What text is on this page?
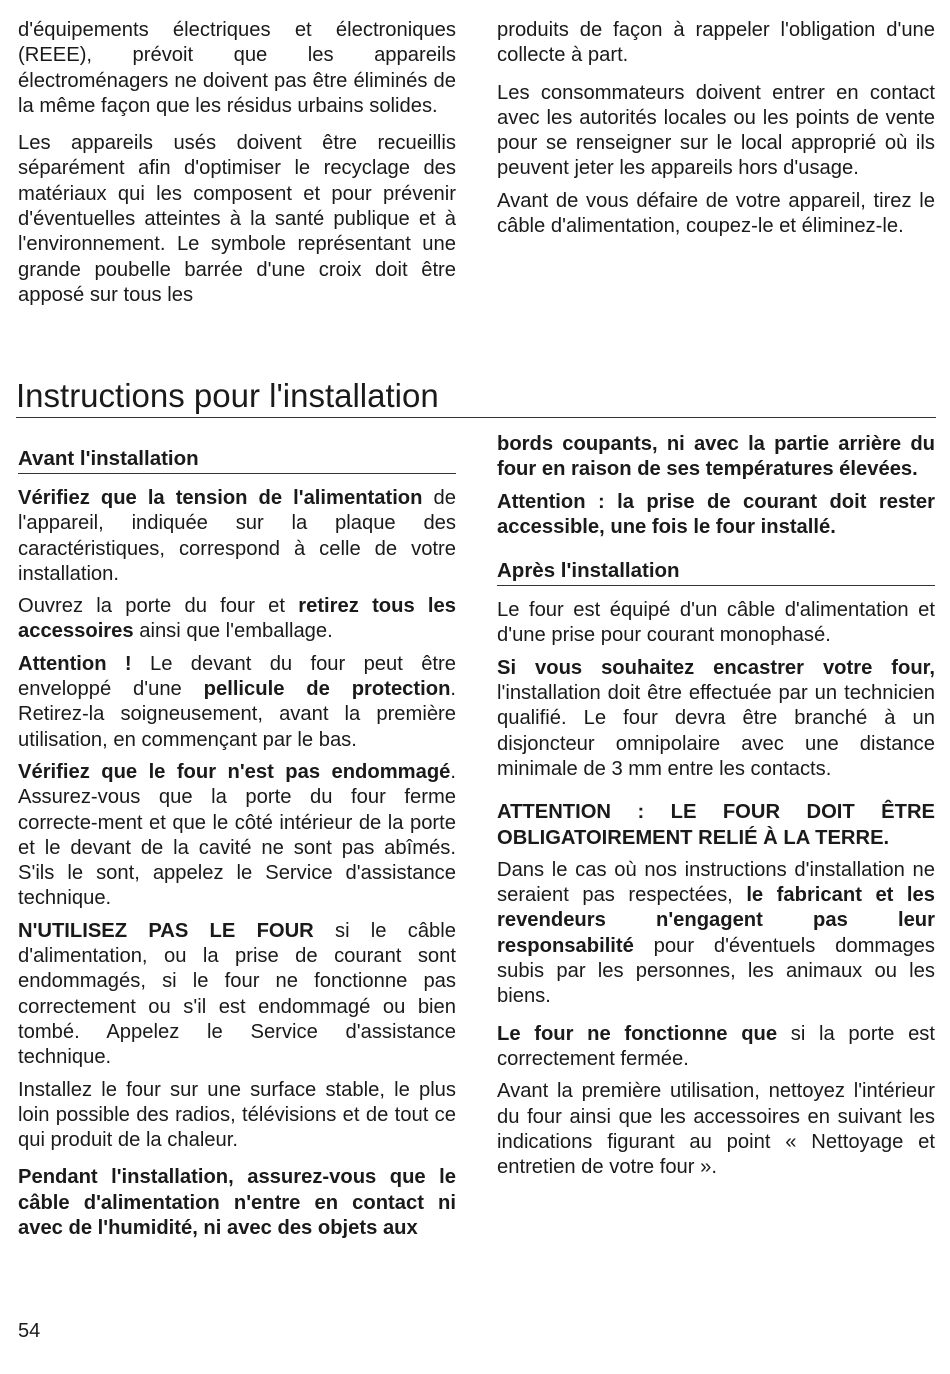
d'équipements électriques et électroniques (REEE), prévoit que les appareils électroménagers ne doivent pas être éliminés de la même façon que les résidus urbains solides.

Les appareils usés doivent être recueillis séparément afin d'optimiser le recyclage des matériaux qui les composent et pour prévenir d'éventuelles atteintes à la santé publique et à l'environnement. Le symbole représentant une grande poubelle barrée d'une croix doit être apposé sur tous les

produits de façon à rappeler l'obligation d'une collecte à part.

Les consommateurs doivent entrer en contact avec les autorités locales ou les points de vente pour se renseigner sur le local approprié où ils peuvent jeter les appareils hors d'usage.

Avant de vous défaire de votre appareil, tirez le câble d'alimentation, coupez-le et éliminez-le.

Instructions pour l'installation

Avant l'installation

Vérifiez que la tension de l'alimentation de l'appareil, indiquée sur la plaque des caractéristiques, correspond à celle de votre installation.

Ouvrez la porte du four et retirez tous les accessoires ainsi que l'emballage.

Attention ! Le devant du four peut être enveloppé d'une pellicule de protection. Retirez-la soigneusement, avant la première utilisation, en commençant par le bas.

Vérifiez que le four n'est pas endommagé. Assurez-vous que la porte du four ferme correcte-ment et que le côté intérieur de la porte et le devant de la cavité ne sont pas abîmés. S'ils le sont, appelez le Service d'assistance technique.

N'UTILISEZ PAS LE FOUR si le câble d'alimentation, ou la prise de courant sont endommagés, si le four ne fonctionne pas correctement ou s'il est endommagé ou bien tombé. Appelez le Service d'assistance technique.

Installez le four sur une surface stable, le plus loin possible des radios, télévisions et de tout ce qui produit de la chaleur.

Pendant l'installation, assurez-vous que le câble d'alimentation n'entre en contact ni avec de l'humidité, ni avec des objets aux

bords coupants, ni avec la partie arrière du four en raison de ses températures élevées.

Attention : la prise de courant doit rester accessible, une fois le four installé.

Après l'installation

Le four est équipé d'un câble d'alimentation et d'une prise pour courant monophasé.

Si vous souhaitez encastrer votre four, l'installation doit être effectuée par un technicien qualifié. Le four devra être branché à un disjoncteur omnipolaire avec une distance minimale de 3 mm entre les contacts.

ATTENTION : LE FOUR DOIT ÊTRE OBLIGATOIREMENT RELIÉ À LA TERRE.

Dans le cas où nos instructions d'installation ne seraient pas respectées, le fabricant et les revendeurs n'engagent pas leur responsabilité pour d'éventuels dommages subis par les personnes, les animaux ou les biens.

Le four ne fonctionne que si la porte est correctement fermée.

Avant la première utilisation, nettoyez l'intérieur du four ainsi que les accessoires en suivant les indications figurant au point « Nettoyage et entretien de votre four ».

54
